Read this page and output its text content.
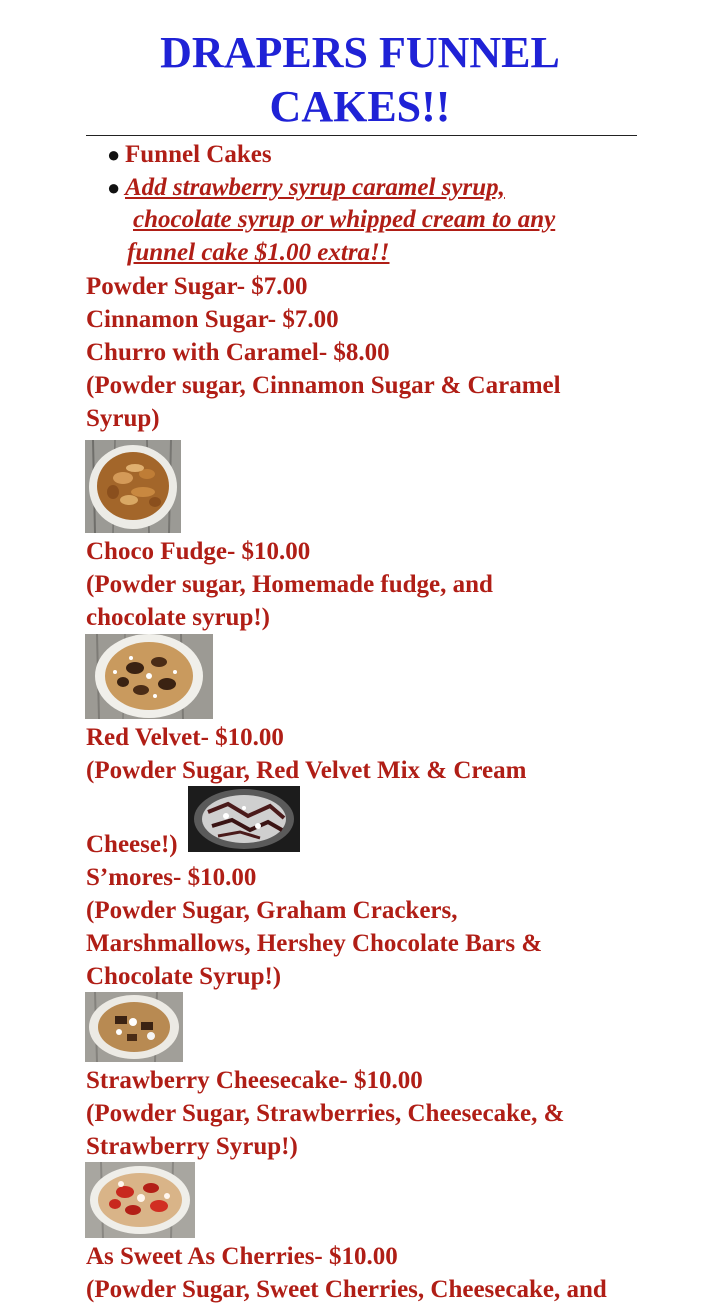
DRAPERS FUNNEL
CAKES!!
● Funnel Cakes
● Add strawberry syrup caramel syrup,
chocolate syrup or whipped cream to any
funnel cake $1.00 extra!!
Powder Sugar- $7.00
Cinnamon Sugar- $7.00
Churro with Caramel- $8.00
(Powder sugar, Cinnamon Sugar & Caramel
Syrup)
Choco Fudge- $10.00
(Powder sugar, Homemade fudge, and
chocolate syrup!)
Red Velvet- $10.00
(Powder Sugar, Red Velvet Mix & Cream
Cheese!)
S’mores- $10.00
(Powder Sugar, Graham Crackers,
Marshmallows, Hershey Chocolate Bars &
Chocolate Syrup!)
Strawberry Cheesecake- $10.00
(Powder Sugar, Strawberries, Cheesecake, &
Strawberry Syrup!)
As Sweet As Cherries- $10.00
(Powder Sugar, Sweet Cherries, Cheesecake, and
